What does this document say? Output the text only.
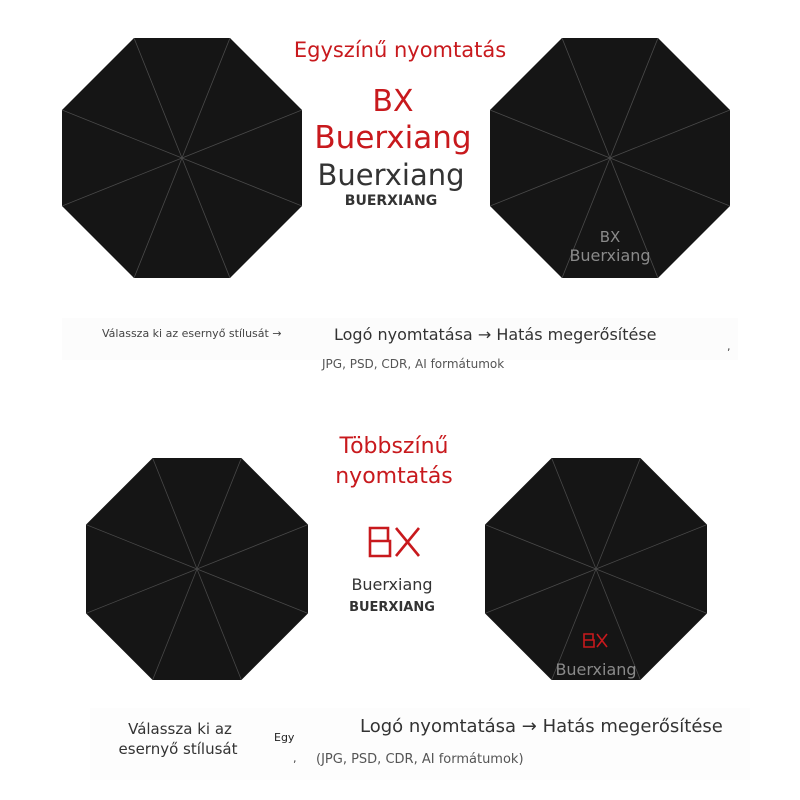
BX
Buerxiang
Egyszínű nyomtatás
BX
Buerxiang
Buerxiang
BUERXIANG
Válassza ki az esernyő stílusát →	Logó nyomtatása → Hatás megerősítése
JPG, PSD, CDR, AI formátumok
,
Buerxiang
Többszínű
nyomtatás
Buerxiang
BUERXIANG
Válassza ki az
esernyő stílusát
Egy
,
Logó nyomtatása → Hatás megerősítése
(JPG, PSD, CDR, AI formátumok)
